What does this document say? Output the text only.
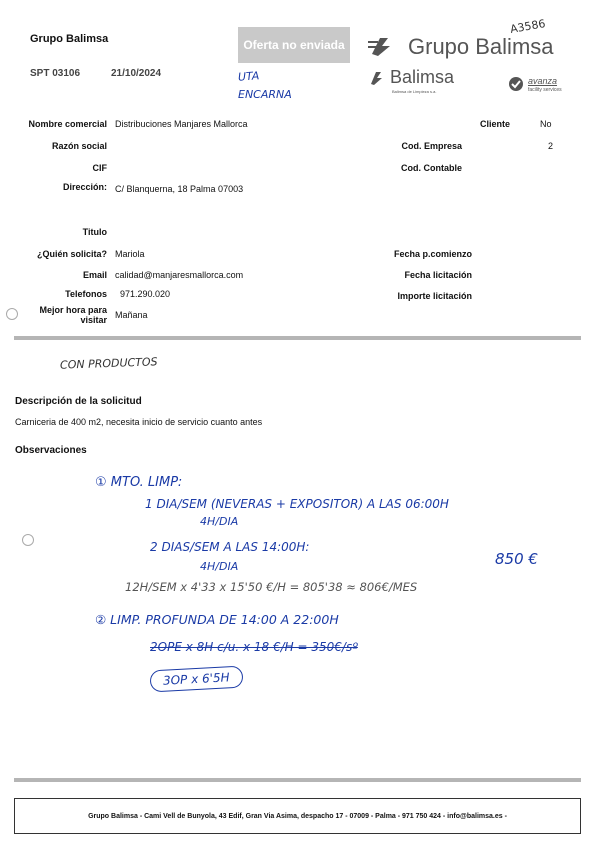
Grupo Balimsa
SPT 03106	21/10/2024
Oferta no enviada
UTA
ENCARNA
Grupo Balimsa
A3586
Balimsa
Balimsa de Limpieza s.a.
avanza
facility services
Nombre comercial Distribuciones Manjares Mallorca
Razón social
CIF
Dirección: C/ Blanquerna, 18 Palma 07003
Cliente	No
Cod. Empresa	2
Cod. Contable
Titulo
¿Quién solicita? Mariola
Email calidad@manjaresmallorca.com
Telefonos 971.290.020
Mejor hora para
visitar Mañana
Fecha p.comienzo
Fecha licitación
Importe licitación
CON PRODUCTOS
Descripción de la solicitud
Carniceria de 400 m2, necesita inicio de servicio cuanto antes
Observaciones
① MTO. LIMP:
1 DIA/SEM (NEVERAS + EXPOSITOR) A LAS 06:00H
4H/DIA
2 DIAS/SEM A LAS 14:00H:
4H/DIA	850 €
12H/SEM x 4'33 x 15'50 €/H = 805'38 ≈ 806€/MES
② LIMP. PROFUNDA DE 14:00 A 22:00H
2OPE x 8H c/u. x 18 €/H = 350€/sº
3OP x 6'5H
Grupo Balimsa - Cami Vell de Bunyola, 43 Edif, Gran Via Asima, despacho 17 - 07009 - Palma - 971 750 424 - info@balimsa.es -
